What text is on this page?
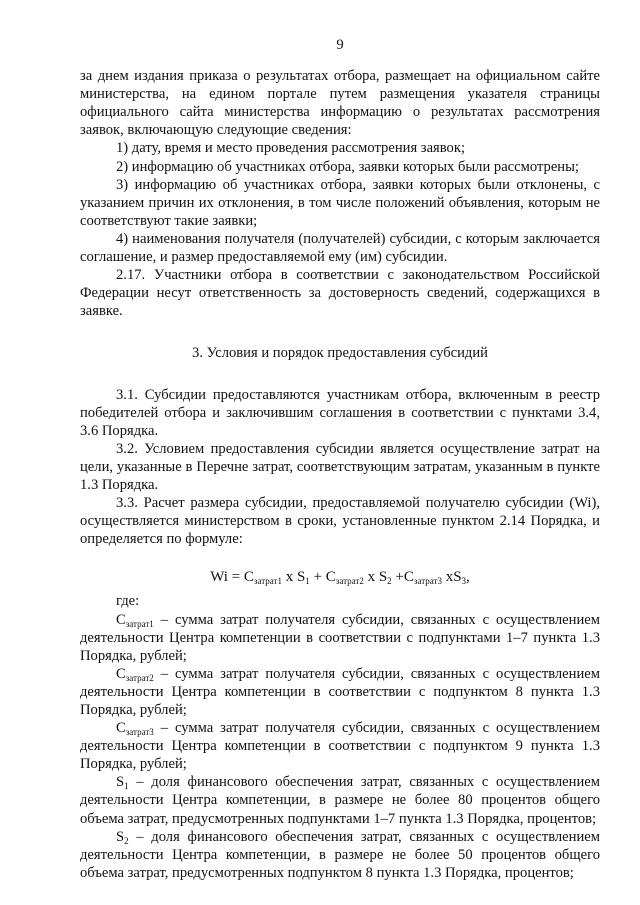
9

за днем издания приказа о результатах отбора, размещает на официальном сайте министерства, на едином портале путем размещения указателя страницы официального сайта министерства информацию о результатах рассмотрения заявок, включающую следующие сведения:

1) дату, время и место проведения рассмотрения заявок;

2) информацию об участниках отбора, заявки которых были рассмотрены;

3) информацию об участниках отбора, заявки которых были отклонены, с указанием причин их отклонения, в том числе положений объявления, которым не соответствуют такие заявки;

4) наименования получателя (получателей) субсидии, с которым заключается соглашение, и размер предоставляемой ему (им) субсидии.

2.17. Участники отбора в соответствии с законодательством Российской Федерации несут ответственность за достоверность сведений, содержащихся в заявке.

3. Условия и порядок предоставления субсидий

3.1. Субсидии предоставляются участникам отбора, включенным в реестр победителей отбора и заключившим соглашения в соответствии с пунктами 3.4, 3.6 Порядка.

3.2. Условием предоставления субсидии является осуществление затрат на цели, указанные в Перечне затрат, соответствующим затратам, указанным в пункте 1.3 Порядка.

3.3. Расчет размера субсидии, предоставляемой получателю субсидии (Wi), осуществляется министерством в сроки, установленные пунктом 2.14 Порядка, и определяется по формуле:

$Wi = C_{затрат1}$ x $S_1 + C_{затрат2}$ x $S_2 +C_{затрат3}$ $xS_3$,

где:

$C_{затрат1}$ – сумма затрат получателя субсидии, связанных с осуществлением деятельности Центра компетенции в соответствии с подпунктами 1–7 пункта 1.3 Порядка, рублей;

$C_{затрат2}$ – сумма затрат получателя субсидии, связанных с осуществлением деятельности Центра компетенции в соответствии с подпунктом 8 пункта 1.3 Порядка, рублей;

$C_{затрат3}$ – сумма затрат получателя субсидии, связанных с осуществлением деятельности Центра компетенции в соответствии с подпунктом 9 пункта 1.3 Порядка, рублей;

$S_1$ – доля финансового обеспечения затрат, связанных с осуществлением деятельности Центра компетенции, в размере не более 80 процентов общего объема затрат, предусмотренных подпунктами 1–7 пункта 1.3 Порядка, процентов;

$S_2$ – доля финансового обеспечения затрат, связанных с осуществлением деятельности Центра компетенции, в размере не более 50 процентов общего объема затрат, предусмотренных подпунктом 8 пункта 1.3 Порядка, процентов;
